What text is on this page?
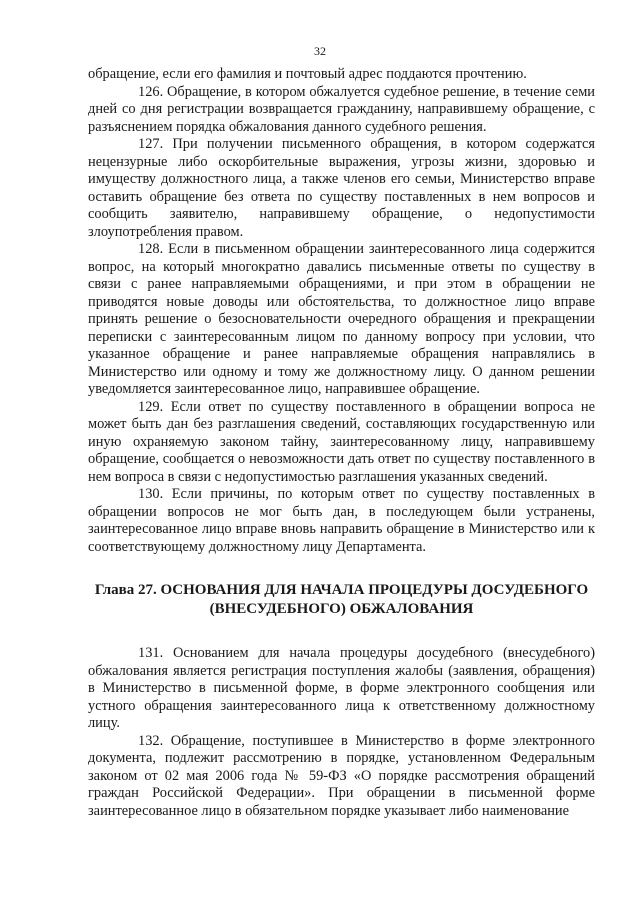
32

обращение, если его фамилия и почтовый адрес поддаются прочтению.

126. Обращение, в котором обжалуется судебное решение, в течение семи дней со дня регистрации возвращается гражданину, направившему обращение, с разъяснением порядка обжалования данного судебного решения.

127. При получении письменного обращения, в котором содержатся нецензурные либо оскорбительные выражения, угрозы жизни, здоровью и имуществу должностного лица, а также членов его семьи, Министерство вправе оставить обращение без ответа по существу поставленных в нем вопросов и сообщить заявителю, направившему обращение, о недопустимости злоупотребления правом.

128. Если в письменном обращении заинтересованного лица содержится вопрос, на который многократно давались письменные ответы по существу в связи с ранее направляемыми обращениями, и при этом в обращении не приводятся новые доводы или обстоятельства, то должностное лицо вправе принять решение о безосновательности очередного обращения и прекращении переписки с заинтересованным лицом по данному вопросу при условии, что указанное обращение и ранее направляемые обращения направлялись в Министерство или одному и тому же должностному лицу. О данном решении уведомляется заинтересованное лицо, направившее обращение.

129. Если ответ по существу поставленного в обращении вопроса не может быть дан без разглашения сведений, составляющих государственную или иную охраняемую законом тайну, заинтересованному лицу, направившему обращение, сообщается о невозможности дать ответ по существу поставленного в нем вопроса в связи с недопустимостью разглашения указанных сведений.

130. Если причины, по которым ответ по существу поставленных в обращении вопросов не мог быть дан, в последующем были устранены, заинтересованное лицо вправе вновь направить обращение в Министерство или к соответствующему должностному лицу Департамента.

Глава 27. ОСНОВАНИЯ ДЛЯ НАЧАЛА ПРОЦЕДУРЫ ДОСУДЕБНОГО
(ВНЕСУДЕБНОГО) ОБЖАЛОВАНИЯ

131. Основанием для начала процедуры досудебного (внесудебного) обжалования является регистрация поступления жалобы (заявления, обращения) в Министерство в письменной форме, в форме электронного сообщения или устного обращения заинтересованного лица к ответственному должностному лицу.

132. Обращение, поступившее в Министерство в форме электронного документа, подлежит рассмотрению в порядке, установленном Федеральным законом от 02 мая 2006 года № 59-ФЗ «О порядке рассмотрения обращений граждан Российской Федерации». При обращении в письменной форме заинтересованное лицо в обязательном порядке указывает либо наименование
